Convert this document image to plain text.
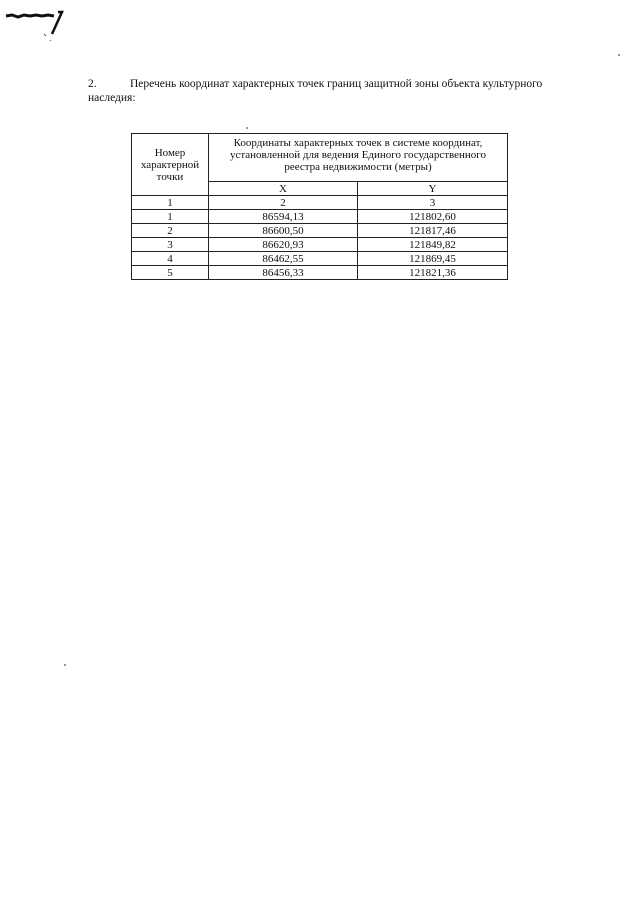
2.	Перечень координат характерных точек границ защитной зоны объекта культурного наследия:
Номер характерной точки	Координаты характерных точек в системе координат, установленной для ведения Единого государственного реестра недвижимости (метры)	
	X	Y
1	2	3
1	86594,13	121802,60
2	86600,50	121817,46
3	86620,93	121849,82
4	86462,55	121869,45
5	86456,33	121821,36
